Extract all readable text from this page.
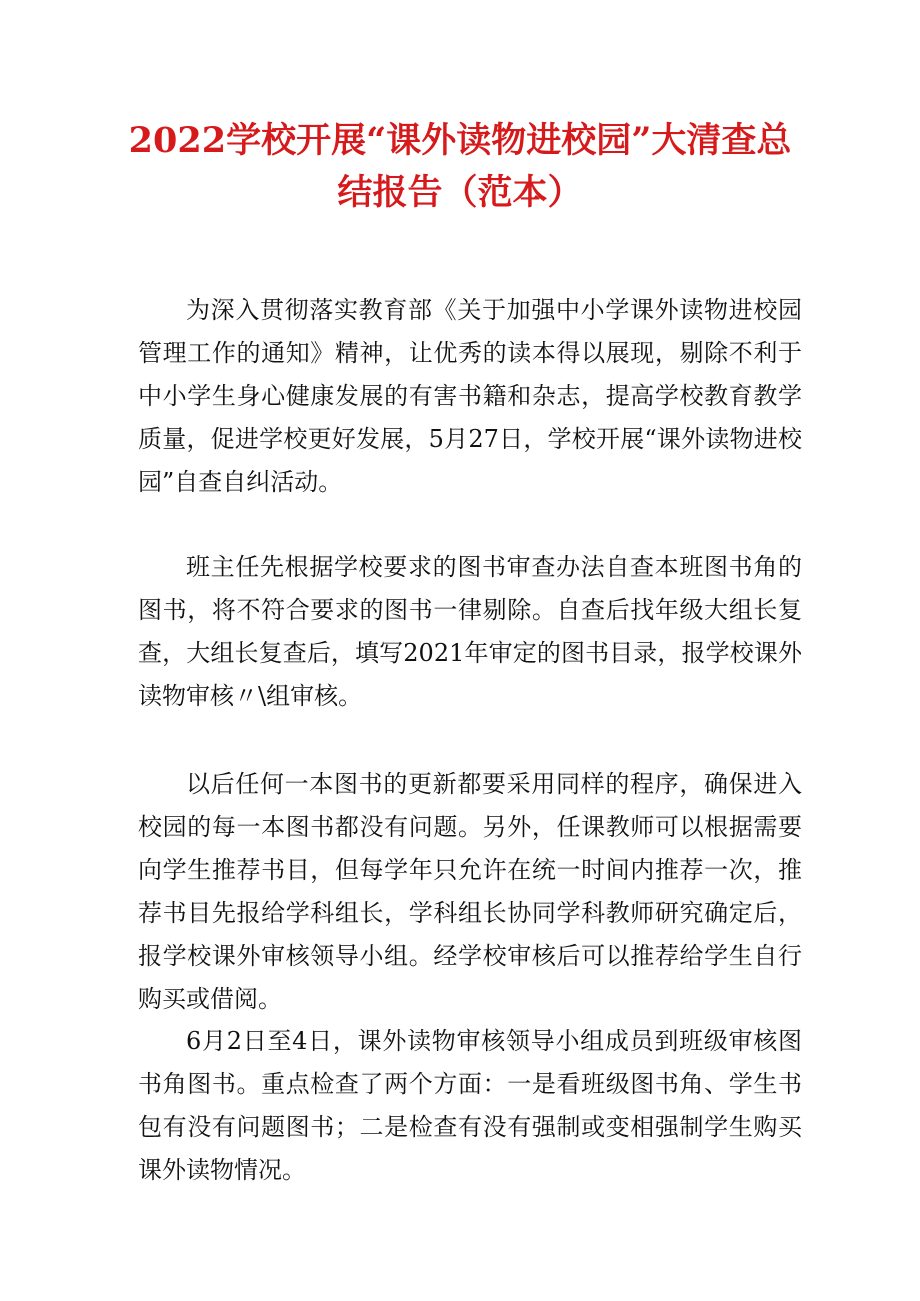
2022学校开展“课外读物进校园”大清查总
结报告（范本）

为深入贯彻落实教育部《关于加强中小学课外读物进校园管理工作的通知》精神，让优秀的读本得以展现，剔除不利于中小学生身心健康发展的有害书籍和杂志，提高学校教育教学质量，促进学校更好发展，5月27日，学校开展“课外读物进校园”自查自纠活动。

班主任先根据学校要求的图书审查办法自查本班图书角的图书，将不符合要求的图书一律剔除。自查后找年级大组长复查，大组长复查后，填写2021年审定的图书目录，报学校课外读物审核〃\组审核。

以后任何一本图书的更新都要采用同样的程序，确保进入校园的每一本图书都没有问题。另外，任课教师可以根据需要向学生推荐书目，但每学年只允许在统一时间内推荐一次，推荐书目先报给学科组长，学科组长协同学科教师研究确定后，报学校课外审核领导小组。经学校审核后可以推荐给学生自行购买或借阅。

6月2日至4日，课外读物审核领导小组成员到班级审核图书角图书。重点检查了两个方面：一是看班级图书角、学生书包有没有问题图书；二是检查有没有强制或变相强制学生购买课外读物情况。
